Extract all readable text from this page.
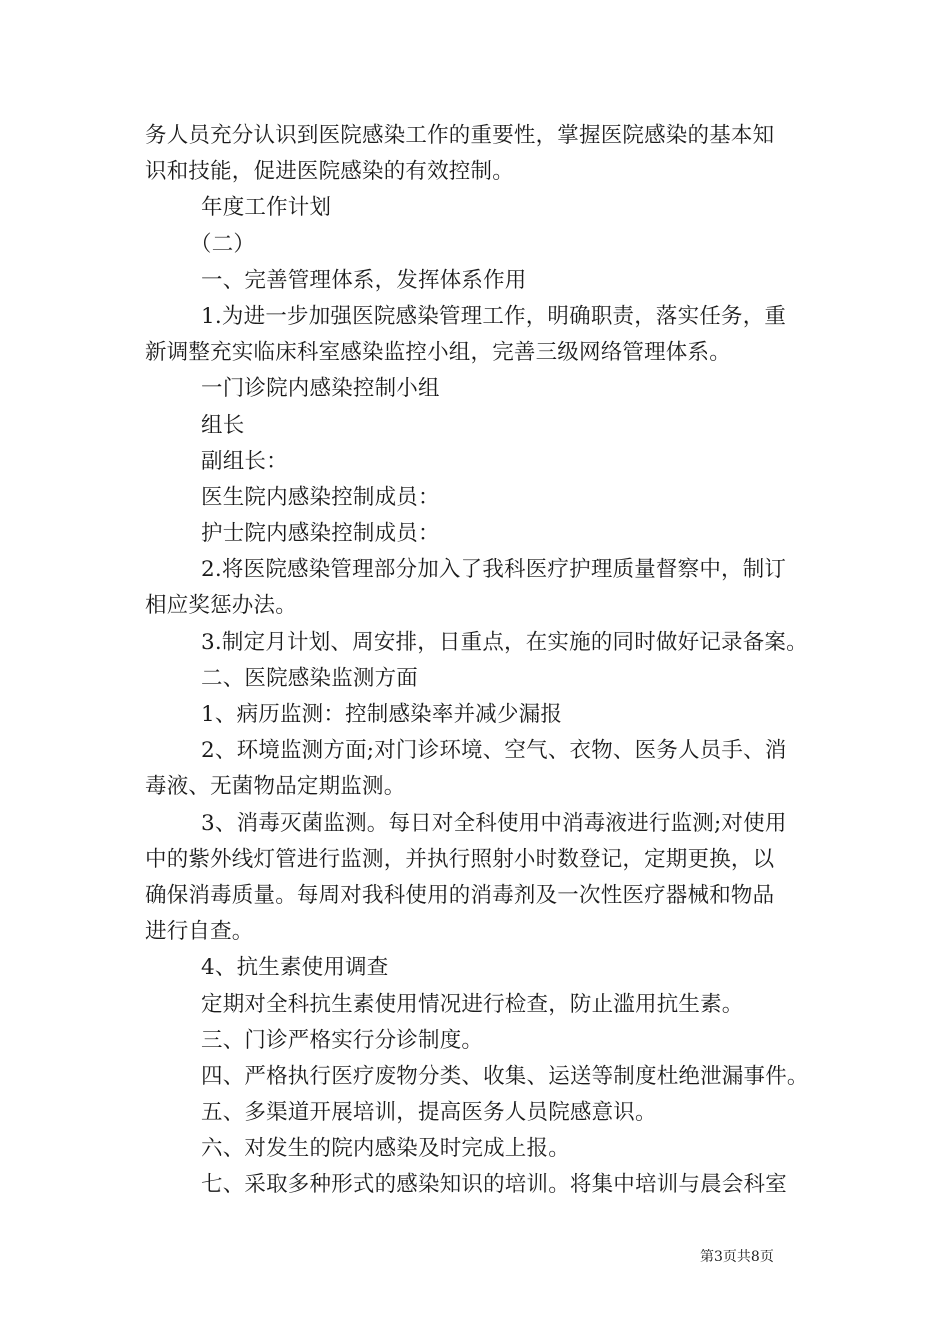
务人员充分认识到医院感染工作的重要性，掌握医院感染的基本知
识和技能，促进医院感染的有效控制。
年度工作计划
（二）
一、完善管理体系，发挥体系作用
1.为进一步加强医院感染管理工作，明确职责，落实任务，重
新调整充实临床科室感染监控小组，完善三级网络管理体系。
一门诊院内感染控制小组
组长
副组长：
医生院内感染控制成员：
护士院内感染控制成员：
2.将医院感染管理部分加入了我科医疗护理质量督察中，制订
相应奖惩办法。
3.制定月计划、周安排，日重点，在实施的同时做好记录备案。
二、医院感染监测方面
1、病历监测：控制感染率并减少漏报
2、环境监测方面;对门诊环境、空气、衣物、医务人员手、消
毒液、无菌物品定期监测。
3、消毒灭菌监测。每日对全科使用中消毒液进行监测;对使用
中的紫外线灯管进行监测，并执行照射小时数登记，定期更换，以
确保消毒质量。每周对我科使用的消毒剂及一次性医疗器械和物品
进行自查。
4、抗生素使用调查
定期对全科抗生素使用情况进行检查，防止滥用抗生素。
三、门诊严格实行分诊制度。
四、严格执行医疗废物分类、收集、运送等制度杜绝泄漏事件。
五、多渠道开展培训，提高医务人员院感意识。
六、对发生的院内感染及时完成上报。
七、采取多种形式的感染知识的培训。将集中培训与晨会科室
第3页共8页
